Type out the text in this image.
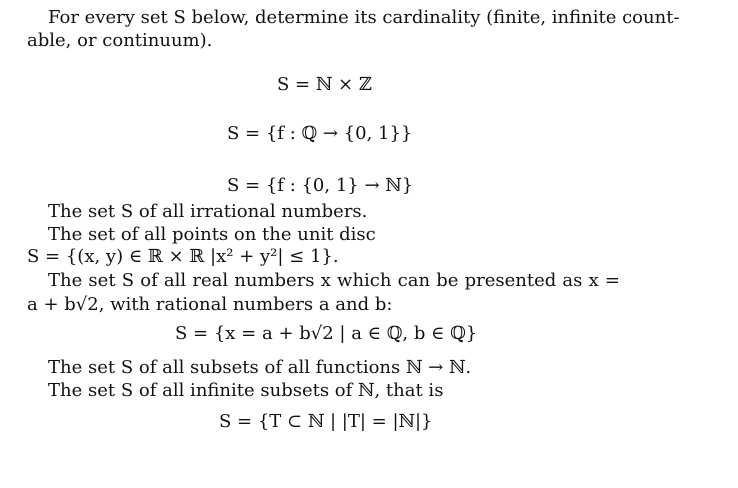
For every set S below, determine its cardinality (finite, infinite count-
able, or continuum).
S = ℕ × ℤ
S = {f : ℚ → {0, 1}}
S = {f : {0, 1} → ℕ}
The set S of all irrational numbers.
The set of all points on the unit disc
S = {(x, y) ∈ ℝ × ℝ |x² + y²| ≤ 1}.
The set S of all real numbers x which can be presented as x =
a + b√2, with rational numbers a and b:
S = {x = a + b√2 | a ∈ ℚ, b ∈ ℚ}
The set S of all subsets of all functions ℕ → ℕ.
The set S of all infinite subsets of ℕ, that is
S = {T ⊂ ℕ | |T| = |ℕ|}
